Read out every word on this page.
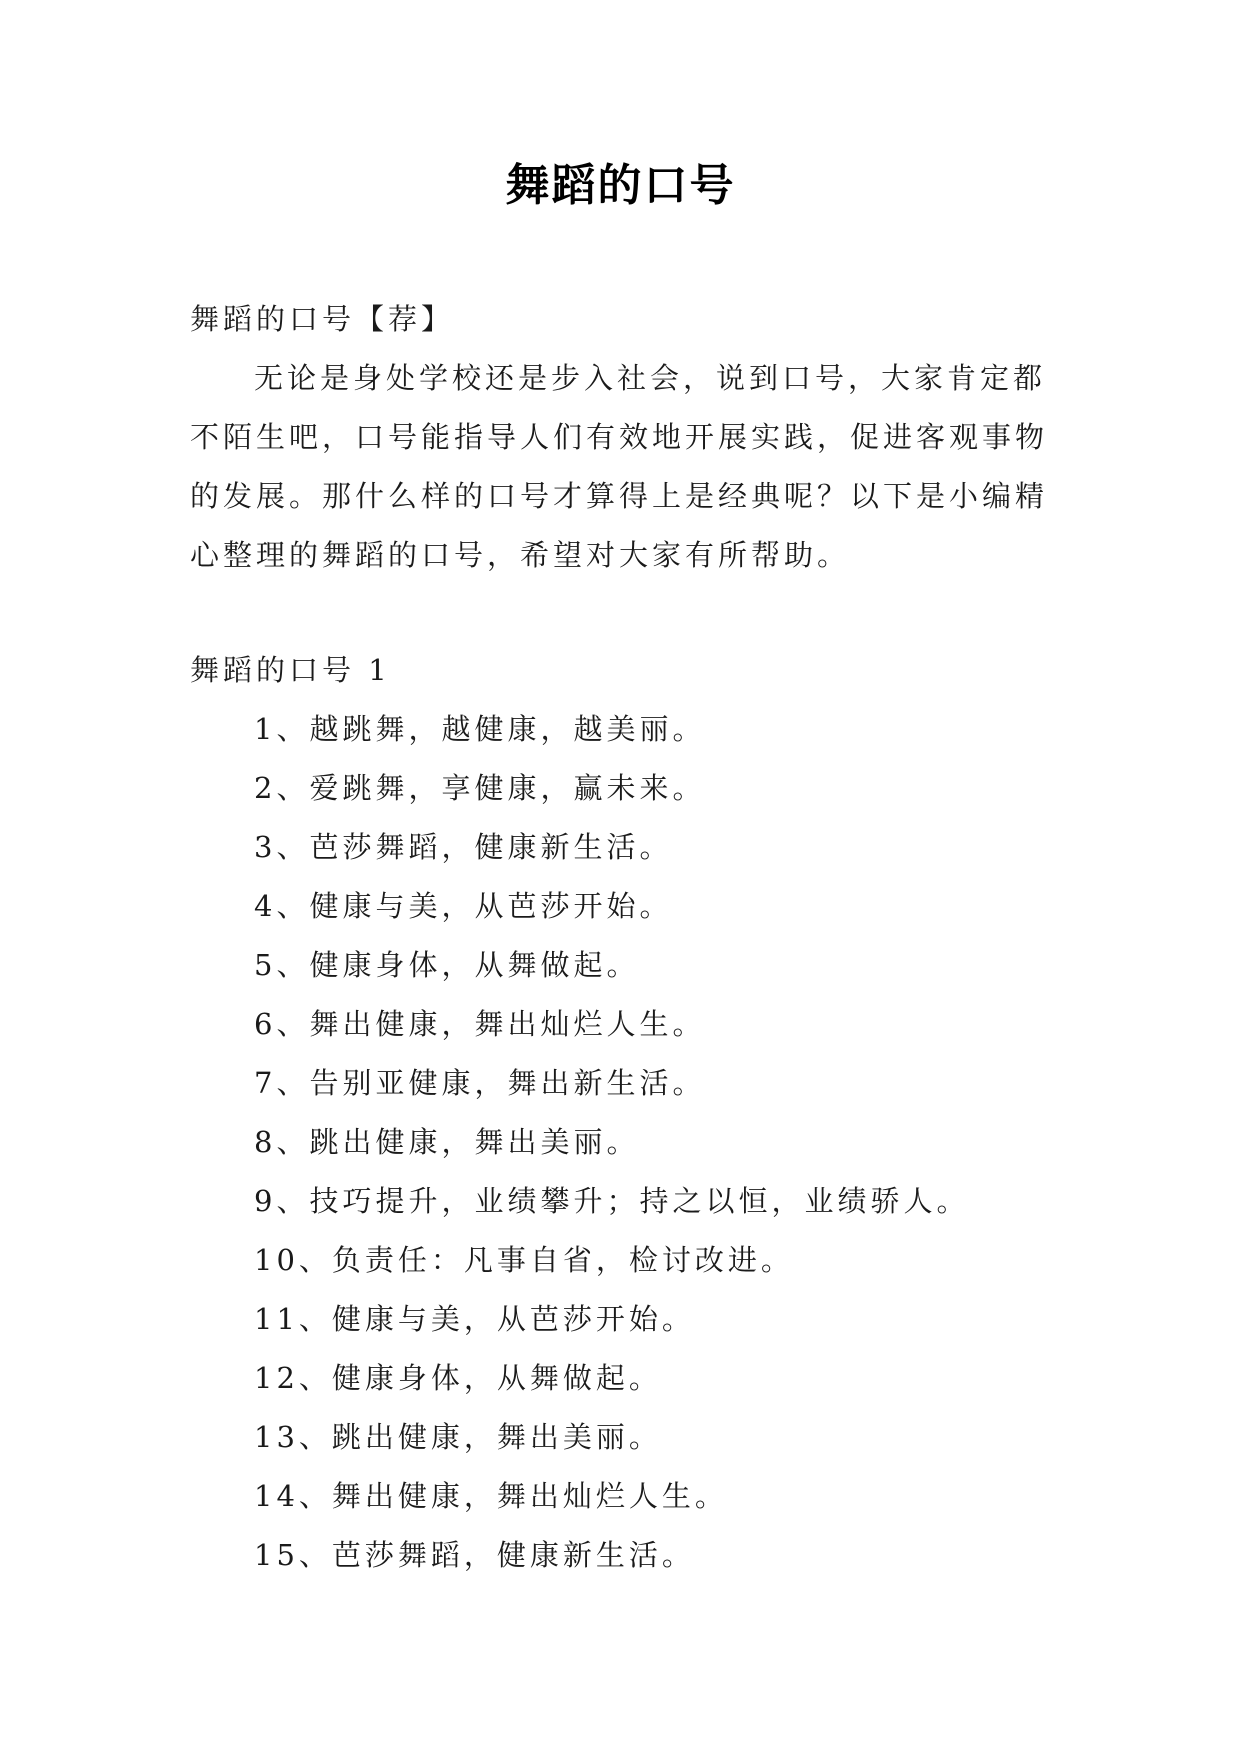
舞蹈的口号
舞蹈的口号【荐】
无论是身处学校还是步入社会，说到口号，大家肯定都不陌生吧，口号能指导人们有效地开展实践，促进客观事物的发展。那什么样的口号才算得上是经典呢？以下是小编精心整理的舞蹈的口号，希望对大家有所帮助。
舞蹈的口号 1
1、越跳舞，越健康，越美丽。
2、爱跳舞，享健康，赢未来。
3、芭莎舞蹈，健康新生活。
4、健康与美，从芭莎开始。
5、健康身体，从舞做起。
6、舞出健康，舞出灿烂人生。
7、告别亚健康，舞出新生活。
8、跳出健康，舞出美丽。
9、技巧提升，业绩攀升；持之以恒，业绩骄人。
10、负责任：凡事自省，检讨改进。
11、健康与美，从芭莎开始。
12、健康身体，从舞做起。
13、跳出健康，舞出美丽。
14、舞出健康，舞出灿烂人生。
15、芭莎舞蹈，健康新生活。
